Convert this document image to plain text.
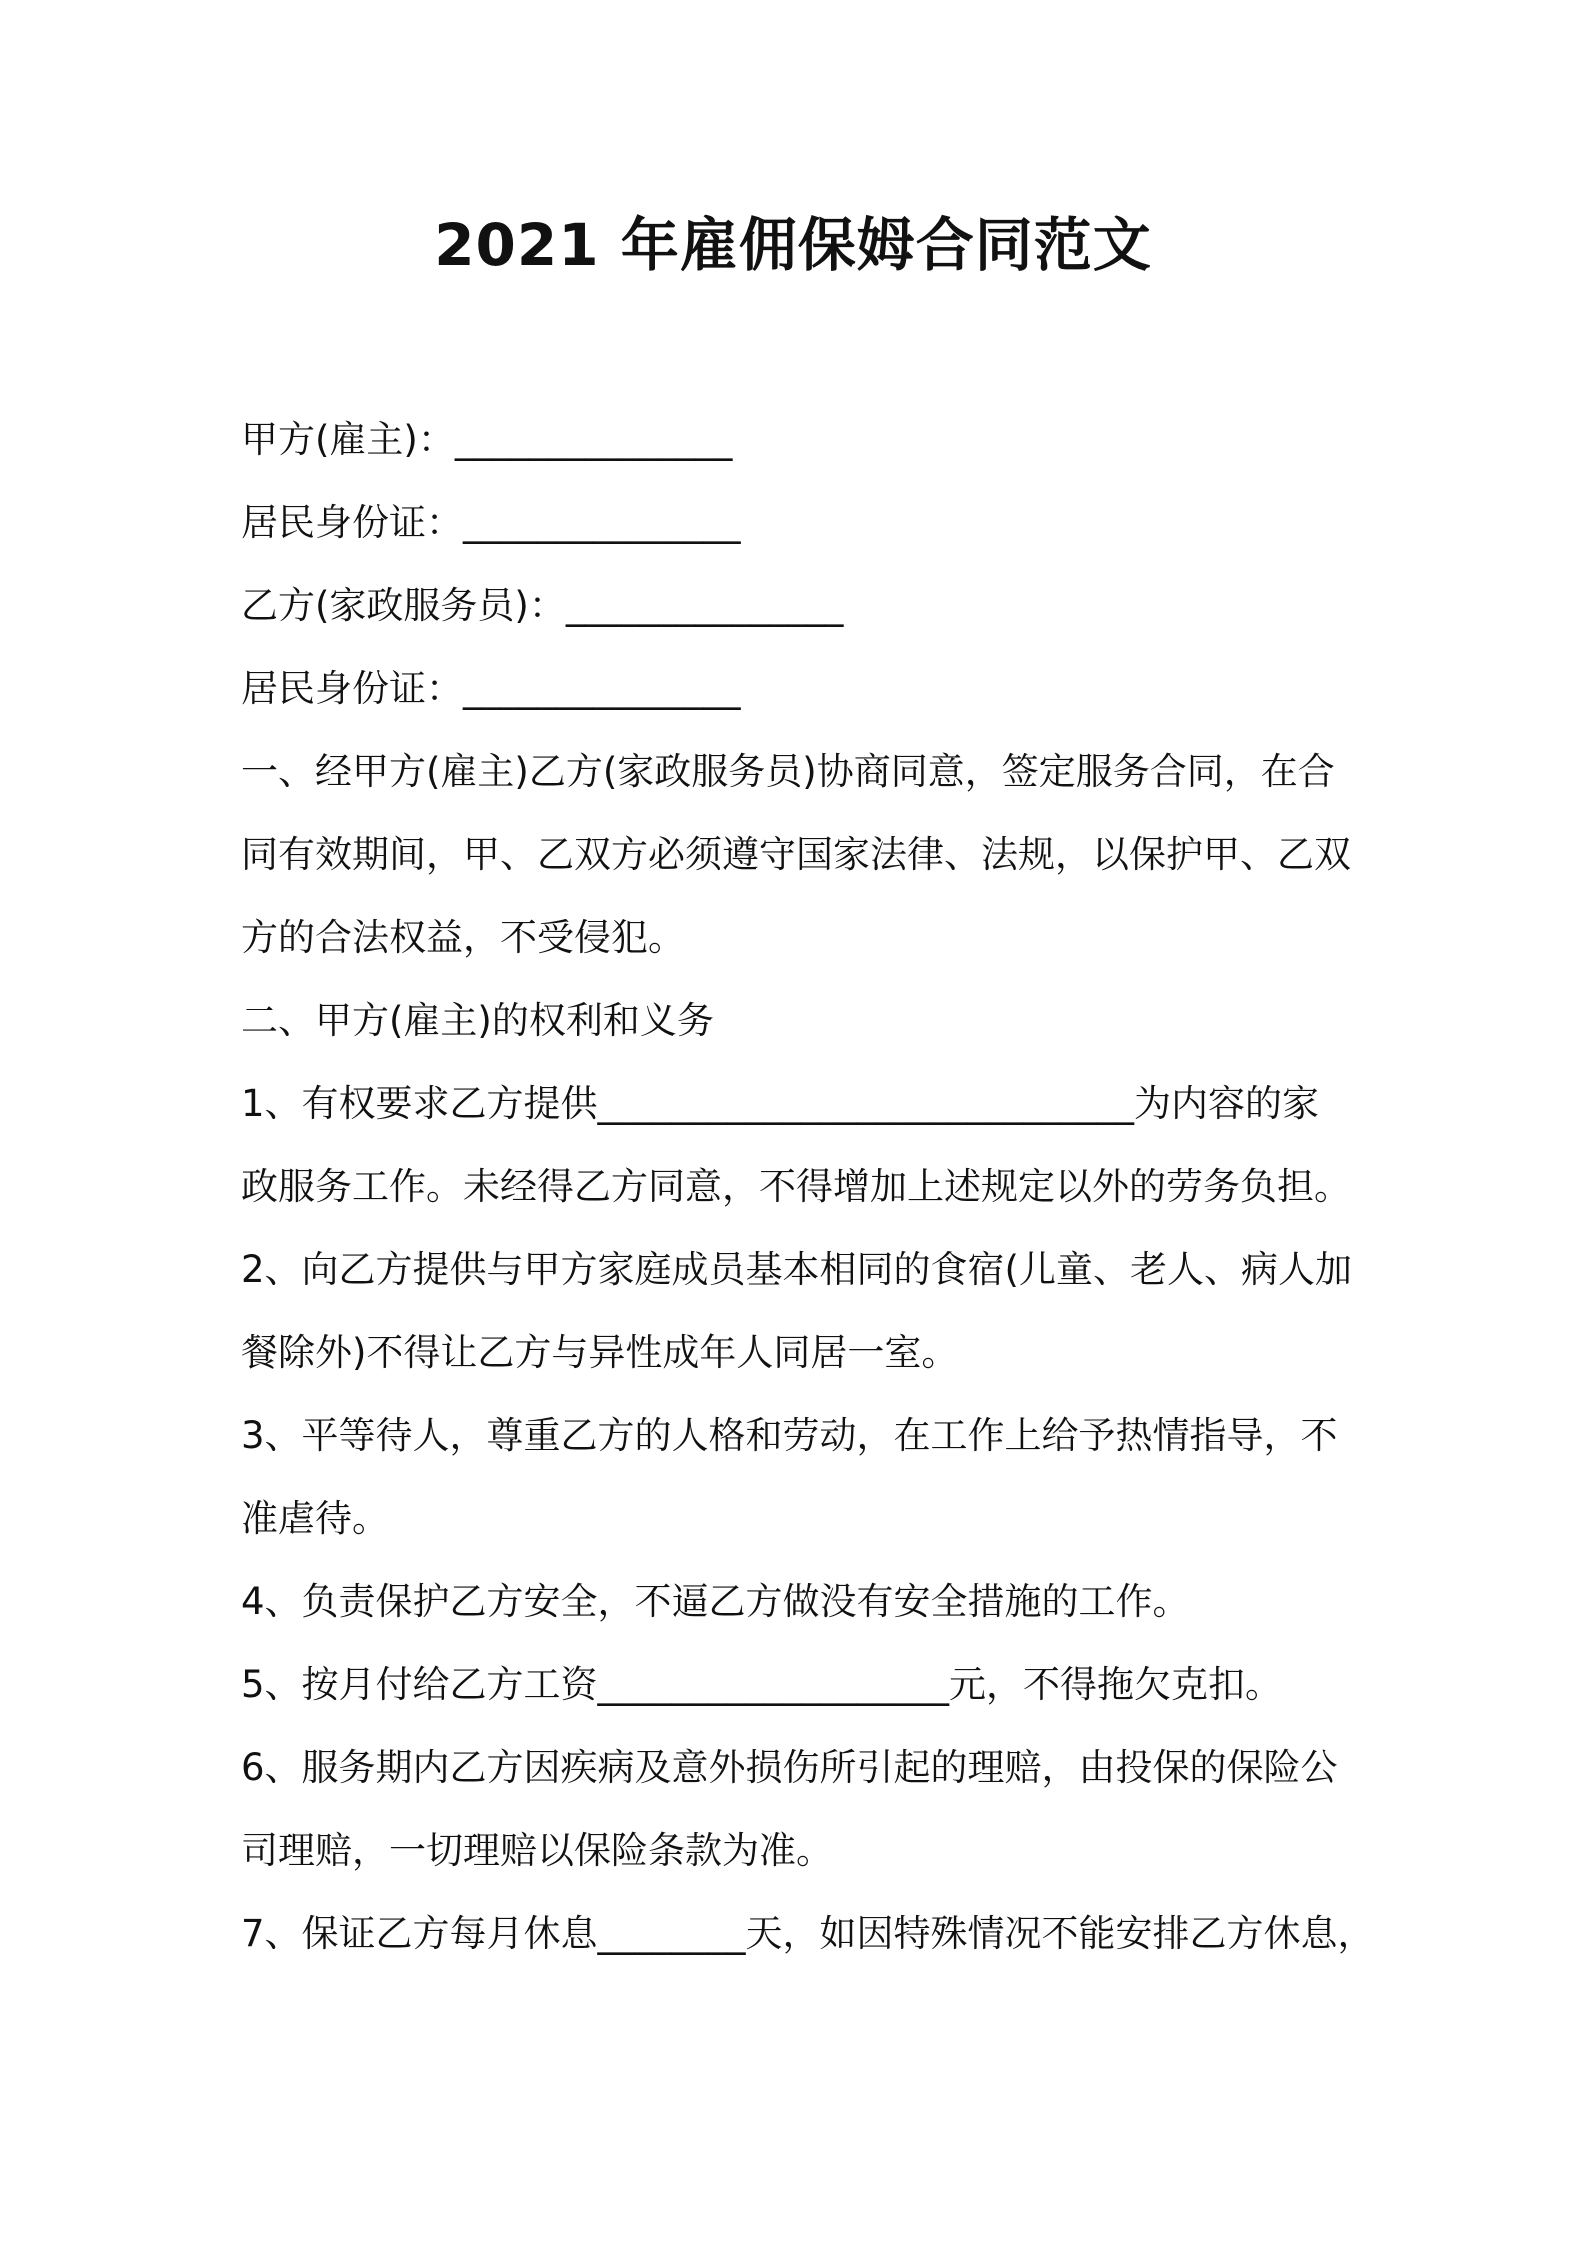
2021 年雇佣保姆合同范文
甲方(雇主)：_______________
居民身份证：_______________
乙方(家政服务员)：_______________
居民身份证：_______________
一、经甲方(雇主)乙方(家政服务员)协商同意，签定服务合同，在合
同有效期间，甲、乙双方必须遵守国家法律、法规，以保护甲、乙双
方的合法权益，不受侵犯。
二、甲方(雇主)的权利和义务
1、有权要求乙方提供_____________________________为内容的家
政服务工作。未经得乙方同意，不得增加上述规定以外的劳务负担。
2、向乙方提供与甲方家庭成员基本相同的食宿(儿童、老人、病人加
餐除外)不得让乙方与异性成年人同居一室。
3、平等待人，尊重乙方的人格和劳动，在工作上给予热情指导，不
准虐待。
4、负责保护乙方安全，不逼乙方做没有安全措施的工作。
5、按月付给乙方工资___________________元，不得拖欠克扣。
6、服务期内乙方因疾病及意外损伤所引起的理赔，由投保的保险公
司理赔，一切理赔以保险条款为准。
7、保证乙方每月休息________天，如因特殊情况不能安排乙方休息，
